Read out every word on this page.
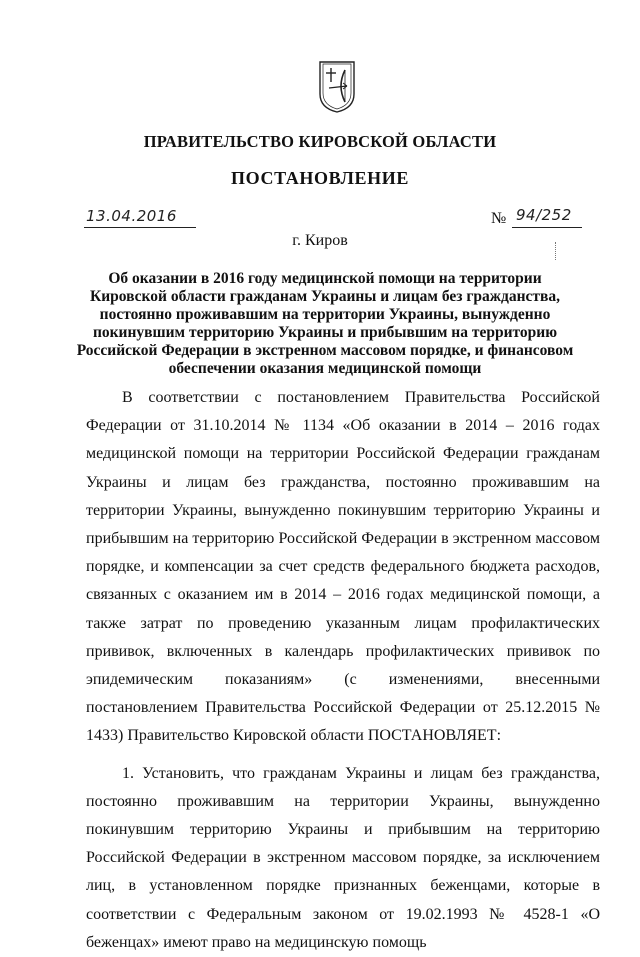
ПРАВИТЕЛЬСТВО КИРОВСКОЙ ОБЛАСТИ
ПОСТАНОВЛЕНИЕ
13.04.2016	№ 94/252
г. Киров
Об оказании в 2016 году медицинской помощи на территории Кировской области гражданам Украины и лицам без гражданства, постоянно проживавшим на территории Украины, вынужденно покинувшим территорию Украины и прибывшим на территорию Российской Федерации в экстренном массовом порядке, и финансовом обеспечении оказания медицинской помощи

В соответствии с постановлением Правительства Российской Федерации от 31.10.2014 № 1134 «Об оказании в 2014 – 2016 годах медицинской помощи на территории Российской Федерации гражданам Украины и лицам без гражданства, постоянно проживавшим на территории Украины, вынужденно покинувшим территорию Украины и прибывшим на территорию Российской Федерации в экстренном массовом порядке, и компенсации за счет средств федерального бюджета расходов, связанных с оказанием им в 2014 – 2016 годах медицинской помощи, а также затрат по проведению указанным лицам профилактических прививок, включенных в календарь профилактических прививок по эпидемическим показаниям» (с изменениями, внесенными постановлением Правительства Российской Федерации от 25.12.2015 № 1433) Правительство Кировской области ПОСТАНОВЛЯЕТ:

1. Установить, что гражданам Украины и лицам без гражданства, постоянно проживавшим на территории Украины, вынужденно покинувшим территорию Украины и прибывшим на территорию Российской Федерации в экстренном массовом порядке, за исключением лиц, в установленном порядке признанных беженцами, которые в соответствии с Федеральным законом от 19.02.1993 № 4528-1 «О беженцах» имеют право на медицинскую помощь
